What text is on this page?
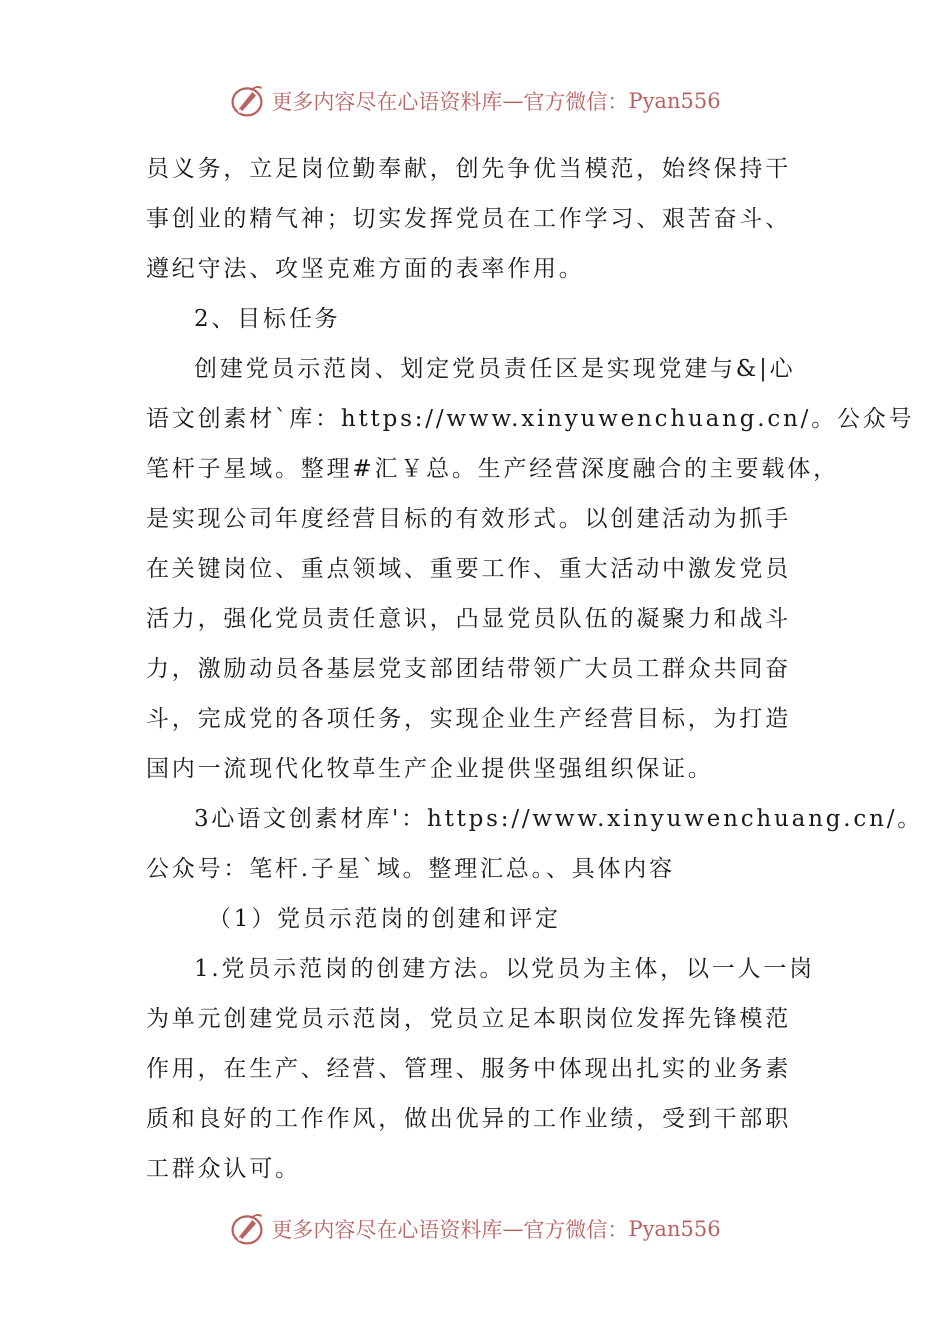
更多内容尽在心语资料库 — 官方微信： Pyan556
员义务，立足岗位勤奉献，创先争优当模范，始终保持干
事创业的精气神；切实发挥党员在工作学习、艰苦奋斗、
遵纪守法、攻坚克难方面的表率作用。
2、目标任务
创建党员示范岗、划定党员责任区是实现党建与&|心
语文创素材`库：https://www.xinyuwenchuang.cn/。公众号
笔杆子星域。整理#汇￥总。生产经营深度融合的主要载体，
是实现公司年度经营目标的有效形式。以创建活动为抓手
在关键岗位、重点领域、重要工作、重大活动中激发党员
活力，强化党员责任意识，凸显党员队伍的凝聚力和战斗
力，激励动员各基层党支部团结带领广大员工群众共同奋
斗，完成党的各项任务，实现企业生产经营目标，为打造
国内一流现代化牧草生产企业提供坚强组织保证。
3心语文创素材库'：https://www.xinyuwenchuang.cn/。
公众号：笔杆.子星`域。整理汇总。、具体内容
（1）党员示范岗的创建和评定
1.党员示范岗的创建方法。以党员为主体，以一人一岗
为单元创建党员示范岗，党员立足本职岗位发挥先锋模范
作用，在生产、经营、管理、服务中体现出扎实的业务素
质和良好的工作作风，做出优异的工作业绩，受到干部职
工群众认可。
更多内容尽在心语资料库 — 官方微信： Pyan556
